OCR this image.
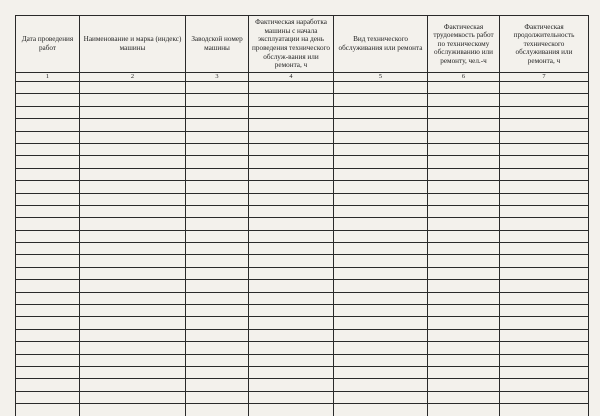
Дата проведения работ	Наименование и марка (индекс) машины	Заводской номер машины	Фактическая наработка машины с начала эксплуатации на день проведения технического обслуж-вания или ремонта, ч	Вид технического обслуживания или ремонта	Фактическая трудоемкость работ по техническому обслуживанию или ремонту, чел.-ч	Фактическая продолжительность технического обслуживания или ремонта, ч

1	2	3	4	5	6	7
